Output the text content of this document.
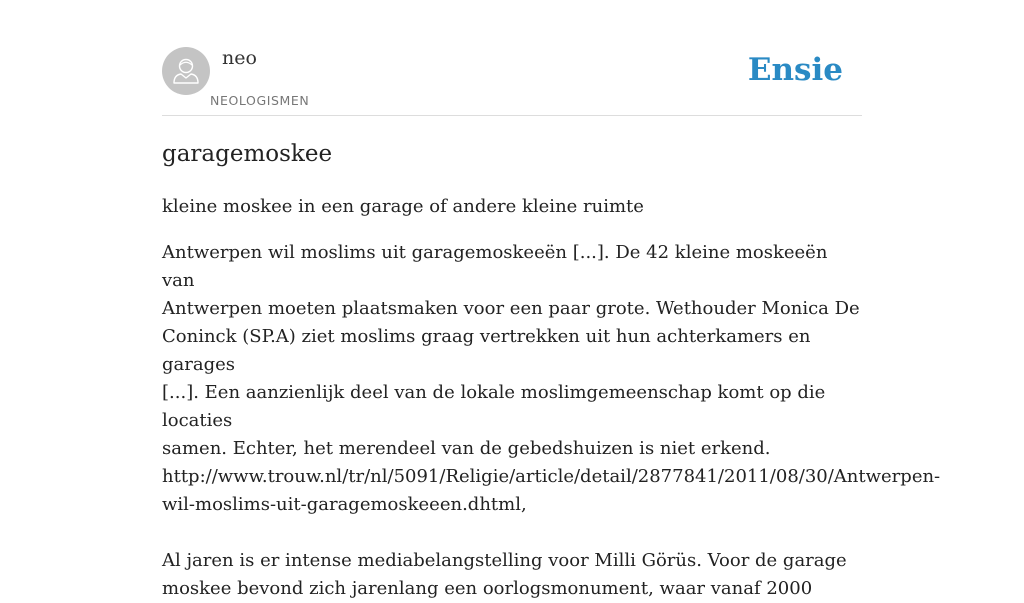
neo
NEOLOGISMEN
Ensie
garagemoskee

kleine moskee in een garage of andere kleine ruimte

Antwerpen wil moslims uit garagemoskeeën [...]. De 42 kleine moskeeën van

Antwerpen moeten plaatsmaken voor een paar grote. Wethouder Monica De

Coninck (SP.A) ziet moslims graag vertrekken uit hun achterkamers en garages

[...]. Een aanzienlijk deel van de lokale moslimgemeenschap komt op die locaties

samen. Echter, het merendeel van de gebedshuizen is niet erkend.

http://www.trouw.nl/tr/nl/5091/Religie/article/detail/2877841/2011/08/30/Antwerpen-

wil-moslims-uit-garagemoskeeen.dhtml,

Al jaren is er intense mediabelangstelling voor Milli Görüs. Voor de garage

moskee bevond zich jarenlang een oorlogsmonument, waar vanaf 2000
